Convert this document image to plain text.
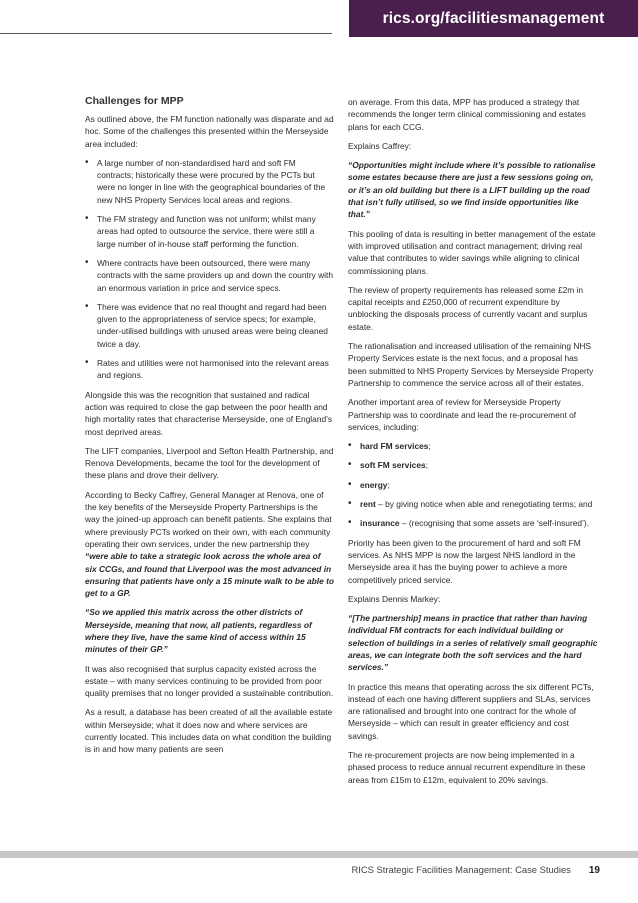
rics.org/facilitiesmanagement
Challenges for MPP

As outlined above, the FM function nationally was disparate and ad hoc. Some of the challenges this presented within the Merseyside area included:

• A large number of non-standardised hard and soft FM contracts; historically these were procured by the PCTs but were no longer in line with the geographical boundaries of the new NHS Property Services local areas and regions.
• The FM strategy and function was not uniform; whilst many areas had opted to outsource the service, there were still a large number of in-house staff performing the function.
• Where contracts have been outsourced, there were many contracts with the same providers up and down the country with an enormous variation in price and service specs.
• There was evidence that no real thought and regard had been given to the appropriateness of service specs; for example, under-utilised buildings with unused areas were being cleaned twice a day.
• Rates and utilities were not harmonised into the relevant areas and regions.

Alongside this was the recognition that sustained and radical action was required to close the gap between the poor health and high mortality rates that characterise Merseyside, one of England’s most deprived areas.

The LIFT companies, Liverpool and Sefton Health Partnership, and Renova Developments, became the tool for the development of these plans and drove their delivery.

According to Becky Caffrey, General Manager at Renova, one of the key benefits of the Merseyside Property Partnerships is the way the joined-up approach can benefit patients. She explains that where previously PCTs worked on their own, with each community operating their own services, under the new partnership they “were able to take a strategic look across the whole area of six CCGs, and found that Liverpool was the most advanced in ensuring that patients have only a 15 minute walk to be able to get to a GP.

“So we applied this matrix across the other districts of Merseyside, meaning that now, all patients, regardless of where they live, have the same kind of access within 15 minutes of their GP.”

It was also recognised that surplus capacity existed across the estate – with many services continuing to be provided from poor quality premises that no longer provided a sustainable contribution.

As a result, a database has been created of all the available estate within Merseyside; what it does now and where services are currently located. This includes data on what condition the building is in and how many patients are seen

on average. From this data, MPP has produced a strategy that recommends the longer term clinical commissioning and estates plans for each CCG.

Explains Caffrey:

“Opportunities might include where it’s possible to rationalise some estates because there are just a few sessions going on, or it’s an old building but there is a LIFT building up the road that isn’t fully utilised, so we find inside opportunities like that.”

This pooling of data is resulting in better management of the estate with improved utilisation and contract management; driving real value that contributes to wider savings while aligning to clinical commissioning plans.

The review of property requirements has released some £2m in capital receipts and £250,000 of recurrent expenditure by unblocking the disposals process of currently vacant and surplus estate.

The rationalisation and increased utilisation of the remaining NHS Property Services estate is the next focus, and a proposal has been submitted to NHS Property Services by Merseyside Property Partnership to commence the service across all of their estates.

Another important area of review for Merseyside Property Partnership was to coordinate and lead the re-procurement of services, including:

• hard FM services;
• soft FM services;
• energy;
• rent – by giving notice when able and renegotiating terms; and
• insurance – (recognising that some assets are ‘self-insured’).

Priority has been given to the procurement of hard and soft FM services. As NHS MPP is now the largest NHS landlord in the Merseyside area it has the buying power to achieve a more competitively priced service.

Explains Dennis Markey:

“[The partnership] means in practice that rather than having individual FM contracts for each individual building or selection of buildings in a series of relatively small geographic areas, we can integrate both the soft services and the hard services.”

In practice this means that operating across the six different PCTs, instead of each one having different suppliers and SLAs, services are rationalised and brought into one contract for the whole of Merseyside – which can result in greater efficiency and cost savings.

The re-procurement projects are now being implemented in a phased process to reduce annual recurrent expenditure in these areas from £15m to £12m, equivalent to 20% savings.

RICS Strategic Facilities Management: Case Studies 19
